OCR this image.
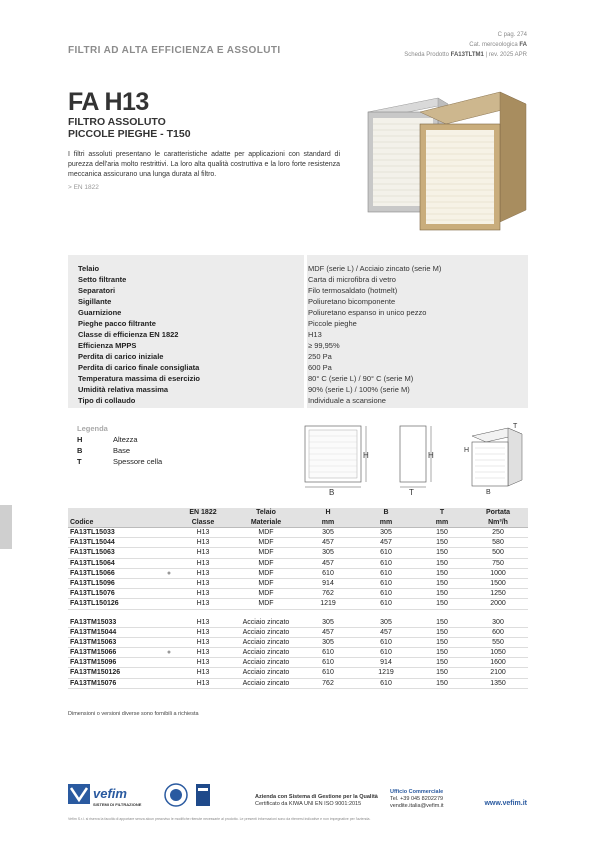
C pag. 274
Cat. merceologica FA
Scheda Prodotto FA13TLTM1 | rev. 2025 APR
FILTRI AD ALTA EFFICIENZA E ASSOLUTI
FA H13
FILTRO ASSOLUTO
PICCOLE PIEGHE - T150
I filtri assoluti presentano le caratteristiche adatte per applicazioni con standard di purezza dell'aria molto restrittivi. La loro alta qualità costruttiva e la loro forte resistenza meccanica assicurano una lunga durata al filtro.
> EN 1822
Telaio	MDF (serie L) / Acciaio zincato (serie M)
Setto filtrante	Carta di microfibra di vetro
Separatori	Filo termosaldato (hotmelt)
Sigillante	Poliuretano bicomponente
Guarnizione	Poliuretano espanso in unico pezzo
Pieghe pacco filtrante	Piccole pieghe
Classe di efficienza EN 1822	H13
Efficienza MPPS	≥ 99,95%
Perdita di carico iniziale	250 Pa
Perdita di carico finale consigliata	600 Pa
Temperatura massima di esercizio	80° C (serie L) / 90° C (serie M)
Umidità relativa massima	90% (serie L) / 100% (serie M)
Tipo di collaudo	Individuale a scansione
Legenda
H	Altezza
B	Base
T	Spessore cella
H
B
H
T
H
T
B
EN 1822	Telaio	H	B	T	Portata
Codice	Classe	Materiale	mm	mm	mm	Nm³/h
FA13TL15033	H13	MDF	305	305	150	250
FA13TL15044	H13	MDF	457	457	150	580
FA13TL15063	H13	MDF	305	610	150	500
FA13TL15064	H13	MDF	457	610	150	750
FA13TL15066	●	H13	MDF	610	610	150	1000
FA13TL15096	H13	MDF	914	610	150	1500
FA13TL15076	H13	MDF	762	610	150	1250
FA13TL150126	H13	MDF	1219	610	150	2000
FA13TM15033	H13	Acciaio zincato	305	305	150	300
FA13TM15044	H13	Acciaio zincato	457	457	150	600
FA13TM15063	H13	Acciaio zincato	305	610	150	550
FA13TM15066	●	H13	Acciaio zincato	610	610	150	1050
FA13TM15096	H13	Acciaio zincato	610	914	150	1600
FA13TM150126	H13	Acciaio zincato	610	1219	150	2100
FA13TM15076	H13	Acciaio zincato	762	610	150	1350
Dimensioni o versioni diverse sono fornibili a richiesta
vefim
SISTEMI DI FILTRAZIONE
Azienda con Sistema di Gestione per la Qualità
Certificato da KIWA UNI EN ISO 9001:2015
Ufficio Commerciale
Tel. +39 045 8202279
vendite.italia@vefim.it	www.vefim.it
Vefim S.r.l. si riserva la facoltà di apportare senza alcun preavviso le modifiche ritenute necessarie al prodotto. Le presenti informazioni sono da ritenersi indicative e non impegnative per l'azienda.
